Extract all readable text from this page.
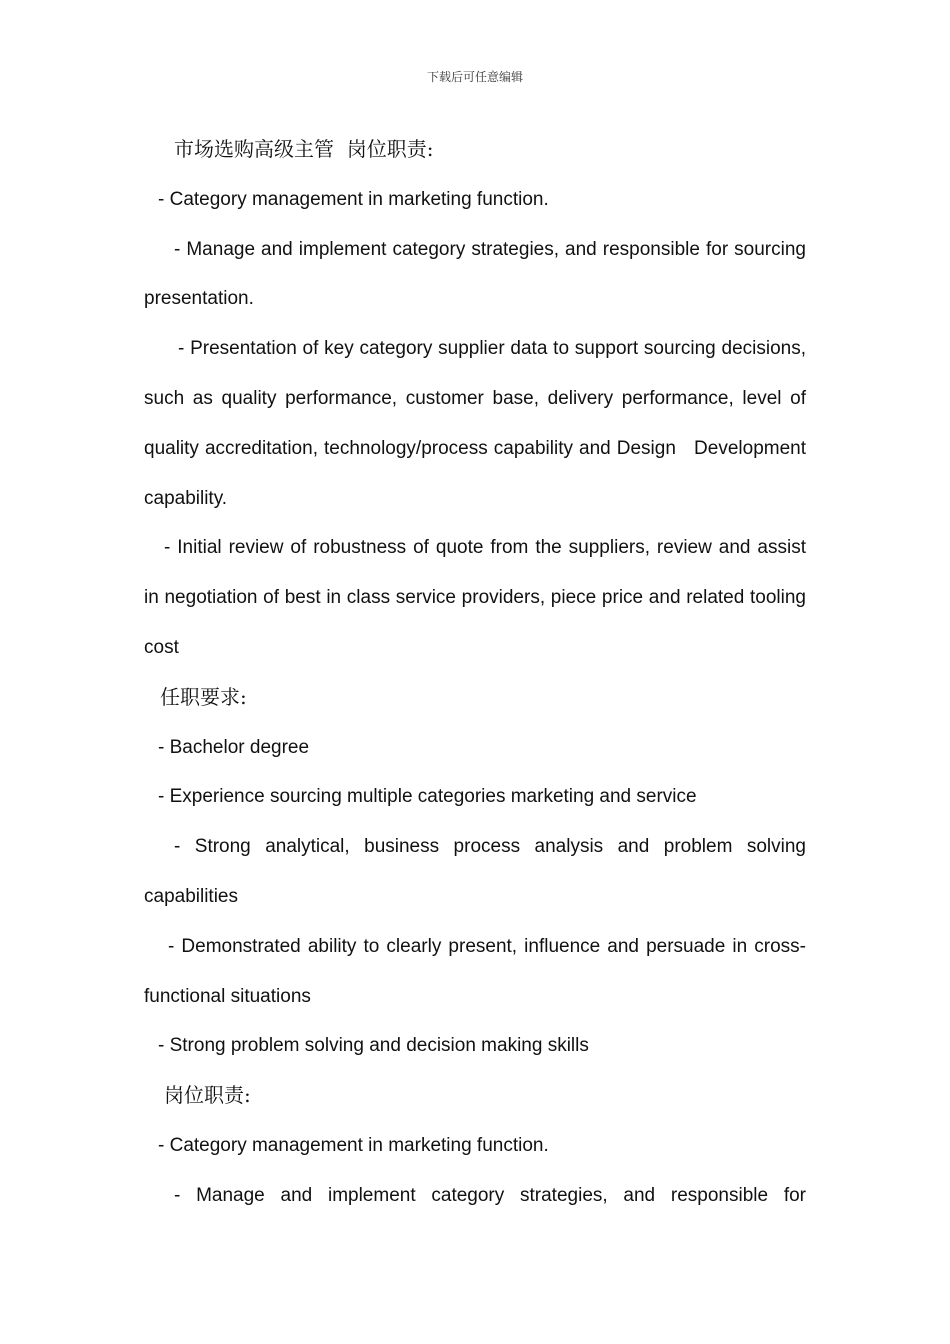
下载后可任意编辑

市场选购高级主管  岗位职责:

- Category management in marketing function.

- Manage and implement category strategies, and responsible for sourcing presentation.

- Presentation of key category supplier data to support sourcing decisions, such as quality performance, customer base, delivery performance, level of quality accreditation, technology/process capability and Design   Development capability.

- Initial review of robustness of quote from the suppliers, review and assist in negotiation of best in class service providers, piece price and related tooling cost

任职要求:

- Bachelor degree

- Experience sourcing multiple categories marketing and service

- Strong analytical, business process analysis and problem solving capabilities

- Demonstrated ability to clearly present, influence and persuade in cross-functional situations

- Strong problem solving and decision making skills

岗位职责:

- Category management in marketing function.

- Manage and implement category strategies, and responsible for
